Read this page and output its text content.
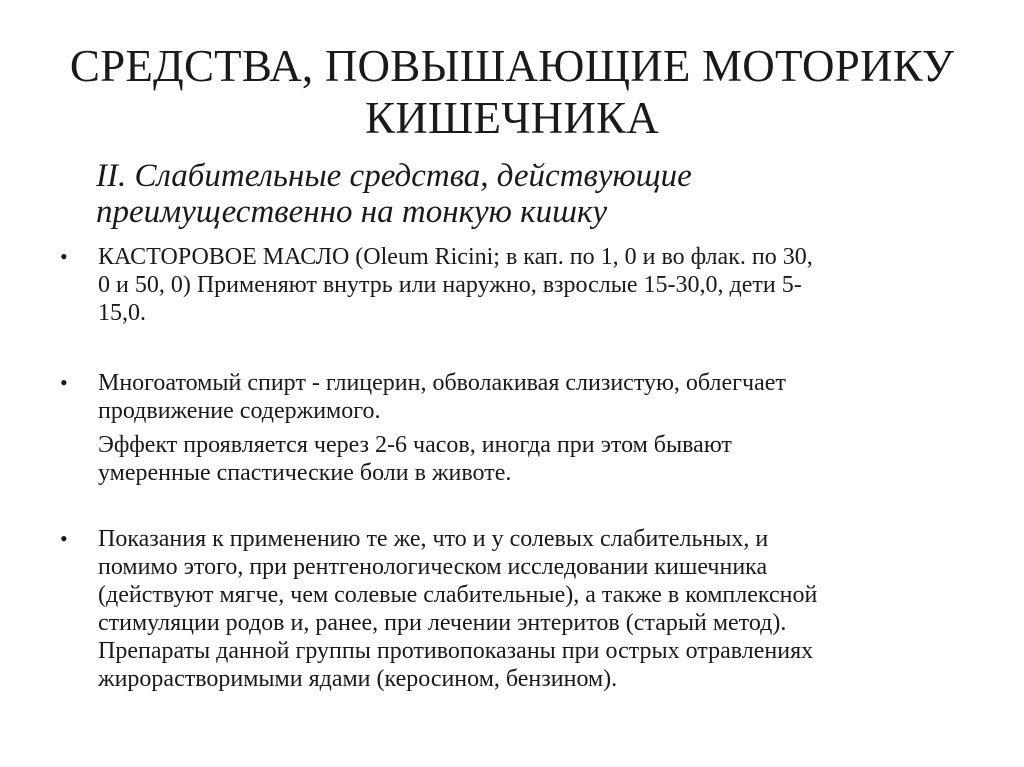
СРЕДСТВА, ПОВЫШАЮЩИЕ МОТОРИКУ
КИШЕЧНИКА
II. Слабительные средства, действующие
преимущественно на тонкую кишку
•	КАСТОРОВОЕ МАСЛО (Oleum Ricini; в кап. по 1, 0 и во флак. по 30,
0 и 50, 0) Применяют внутрь или наружно, взрослые 15-30,0, дети 5-
15,0.
•	Многоатомый спирт - глицерин, обволакивая слизистую, облегчает
продвижение содержимого.
Эффект проявляется через 2-6 часов, иногда при этом бывают
умеренные спастические боли в животе.
•	Показания к применению те же, что и у солевых слабительных, и
помимо этого, при рентгенологическом исследовании кишечника
(действуют мягче, чем солевые слабительные), а также в комплексной
стимуляции родов и, ранее, при лечении энтеритов (старый метод).
Препараты данной группы противопоказаны при острых отравлениях
жирорастворимыми ядами (керосином, бензином).
